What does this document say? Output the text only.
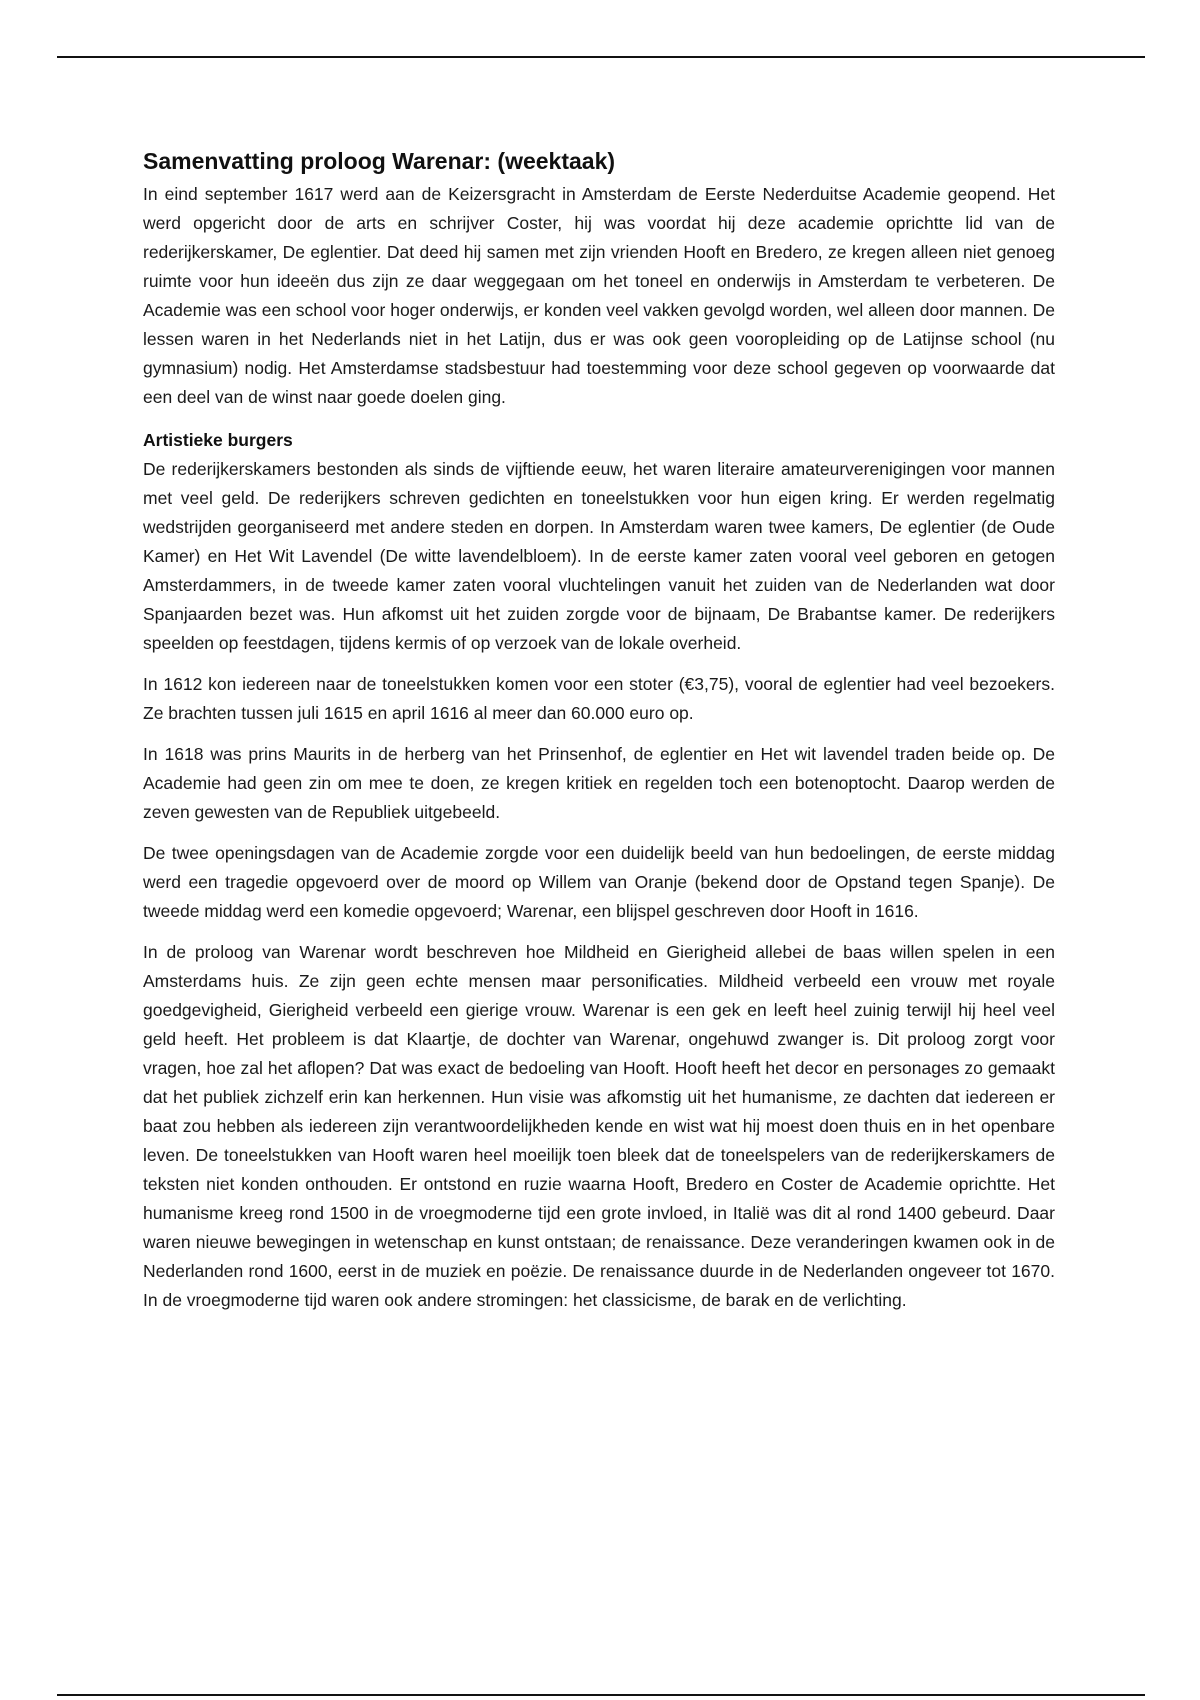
Samenvatting proloog Warenar: (weektaak)

In eind september 1617 werd aan de Keizersgracht in Amsterdam de Eerste Nederduitse Academie geopend. Het werd opgericht door de arts en schrijver Coster, hij was voordat hij deze academie oprichtte lid van de rederijkerskamer, De eglentier. Dat deed hij samen met zijn vrienden Hooft en Bredero, ze kregen alleen niet genoeg ruimte voor hun ideeën dus zijn ze daar weggegaan om het toneel en onderwijs in Amsterdam te verbeteren. De Academie was een school voor hoger onderwijs, er konden veel vakken gevolgd worden, wel alleen door mannen. De lessen waren in het Nederlands niet in het Latijn, dus er was ook geen vooropleiding op de Latijnse school (nu gymnasium) nodig. Het Amsterdamse stadsbestuur had toestemming voor deze school gegeven op voorwaarde dat een deel van de winst naar goede doelen ging.

Artistieke burgers

De rederijkerskamers bestonden als sinds de vijftiende eeuw, het waren literaire amateurverenigingen voor mannen met veel geld. De rederijkers schreven gedichten en toneelstukken voor hun eigen kring. Er werden regelmatig wedstrijden georganiseerd met andere steden en dorpen. In Amsterdam waren twee kamers, De eglentier (de Oude Kamer) en Het Wit Lavendel (De witte lavendelbloem). In de eerste kamer zaten vooral veel geboren en getogen Amsterdammers, in de tweede kamer zaten vooral vluchtelingen vanuit het zuiden van de Nederlanden wat door Spanjaarden bezet was. Hun afkomst uit het zuiden zorgde voor de bijnaam, De Brabantse kamer. De rederijkers speelden op feestdagen, tijdens kermis of op verzoek van de lokale overheid.

In 1612 kon iedereen naar de toneelstukken komen voor een stoter (€3,75), vooral de eglentier had veel bezoekers. Ze brachten tussen juli 1615 en april 1616 al meer dan 60.000 euro op.

In 1618 was prins Maurits in de herberg van het Prinsenhof, de eglentier en Het wit lavendel traden beide op. De Academie had geen zin om mee te doen, ze kregen kritiek en regelden toch een botenoptocht. Daarop werden de zeven gewesten van de Republiek uitgebeeld.

De twee openingsdagen van de Academie zorgde voor een duidelijk beeld van hun bedoelingen, de eerste middag werd een tragedie opgevoerd over de moord op Willem van Oranje (bekend door de Opstand tegen Spanje). De tweede middag werd een komedie opgevoerd; Warenar, een blijspel geschreven door Hooft in 1616.

In de proloog van Warenar wordt beschreven hoe Mildheid en Gierigheid allebei de baas willen spelen in een Amsterdams huis. Ze zijn geen echte mensen maar personificaties. Mildheid verbeeld een vrouw met royale goedgevigheid, Gierigheid verbeeld een gierige vrouw. Warenar is een gek en leeft heel zuinig terwijl hij heel veel geld heeft. Het probleem is dat Klaartje, de dochter van Warenar, ongehuwd zwanger is. Dit proloog zorgt voor vragen, hoe zal het aflopen? Dat was exact de bedoeling van Hooft. Hooft heeft het decor en personages zo gemaakt dat het publiek zichzelf erin kan herkennen. Hun visie was afkomstig uit het humanisme, ze dachten dat iedereen er baat zou hebben als iedereen zijn verantwoordelijkheden kende en wist wat hij moest doen thuis en in het openbare leven. De toneelstukken van Hooft waren heel moeilijk toen bleek dat de toneelspelers van de rederijkerskamers de teksten niet konden onthouden. Er ontstond en ruzie waarna Hooft, Bredero en Coster de Academie oprichtte. Het humanisme kreeg rond 1500 in de vroegmoderne tijd een grote invloed, in Italië was dit al rond 1400 gebeurd. Daar waren nieuwe bewegingen in wetenschap en kunst ontstaan; de renaissance. Deze veranderingen kwamen ook in de Nederlanden rond 1600, eerst in de muziek en poëzie. De renaissance duurde in de Nederlanden ongeveer tot 1670. In de vroegmoderne tijd waren ook andere stromingen: het classicisme, de barak en de verlichting.
